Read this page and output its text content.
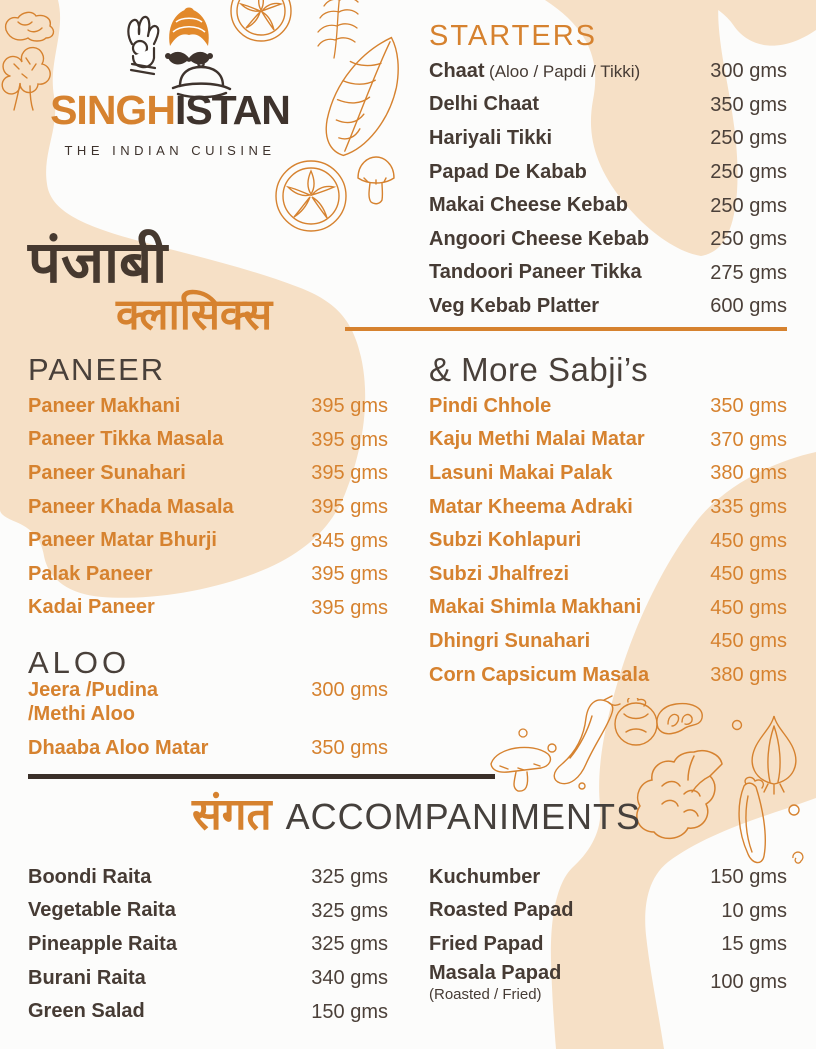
SINGHISTAN
THE INDIAN CUISINE
STARTERS
Chaat (Aloo / Papdi / Tikki)	300 gms
Delhi Chaat	350 gms
Hariyali Tikki	250 gms
Papad De Kabab	250 gms
Makai Cheese Kebab	250 gms
Angoori Cheese Kebab	250 gms
Tandoori Paneer Tikka	275 gms
Veg Kebab Platter	600 gms
पंजाबी
क्लासिक्स
PANEER
Paneer Makhani	395 gms
Paneer Tikka Masala	395 gms
Paneer Sunahari	395 gms
Paneer Khada Masala	395 gms
Paneer Matar Bhurji	345 gms
Palak Paneer	395 gms
Kadai Paneer	395 gms
ALOO
Jeera /Pudina
/Methi Aloo
300 gms
Dhaaba Aloo Matar	350 gms
& More Sabji’s
Pindi Chhole	350 gms
Kaju Methi Malai Matar	370 gms
Lasuni Makai Palak	380 gms
Matar Kheema Adraki	335 gms
Subzi Kohlapuri	450 gms
Subzi Jhalfrezi	450 gms
Makai Shimla Makhani	450 gms
Dhingri Sunahari	450 gms
Corn Capsicum Masala	380 gms
संगत ACCOMPANIMENTS
Boondi Raita	325 gms
Vegetable Raita	325 gms
Pineapple Raita	325 gms
Burani Raita	340 gms
Green Salad	150 gms
Kuchumber	150 gms
Roasted Papad	10 gms
Fried Papad	15 gms
Masala Papad
(Roasted / Fried)
100 gms
